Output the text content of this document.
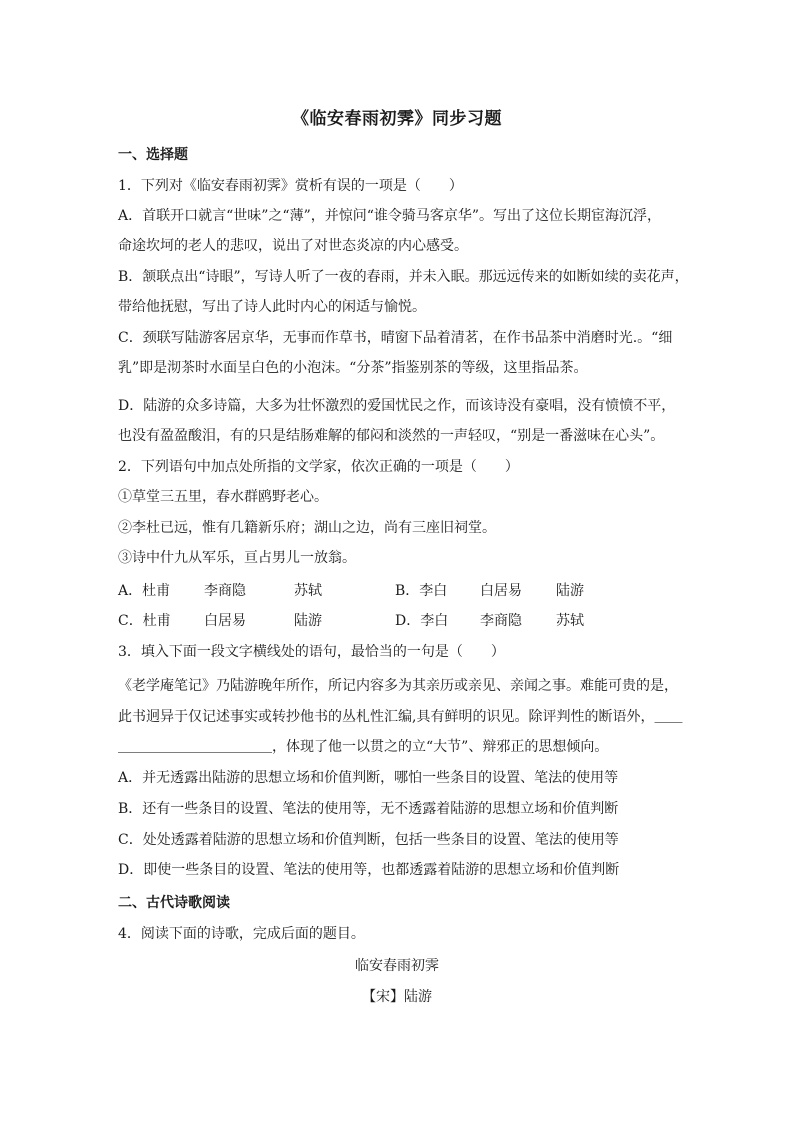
《临安春雨初霁》同步习题
一、选择题
1．下列对《临安春雨初霁》赏析有误的一项是（　　）
A．首联开口就言“世味”之“薄”，并惊问“谁令骑马客京华”。写出了这位长期宦海沉浮，
命途坎坷的老人的悲叹，说出了对世态炎凉的内心感受。
B．颔联点出“诗眼”，写诗人听了一夜的春雨，并未入眠。那远远传来的如断如续的卖花声，
带给他抚慰，写出了诗人此时内心的闲适与愉悦。
C．颈联写陆游客居京华，无事而作草书，晴窗下品着清茗，在作书品茶中消磨时光.。“细
乳”即是沏茶时水面呈白色的小泡沫。“分茶”指鉴别茶的等级，这里指品茶。
D．陆游的众多诗篇，大多为壮怀激烈的爱国忧民之作，而该诗没有豪唱，没有愤愤不平，
也没有盈盈酸泪，有的只是结肠难解的郁闷和淡然的一声轻叹，“别是一番滋味在心头”。
2．下列语句中加点处所指的文学家，依次正确的一项是（　　）
①草堂三五里，春水群鸥野老心。
②李杜已远，惟有几籍新乐府；湖山之边，尚有三座旧祠堂。
③诗中什九从军乐，亘占男儿一放翁。
A．杜甫 李商隐	苏轼	B．李白 白居易 陆游
C．杜甫 白居易	陆游	D．李白 李商隐 苏轼
3．填入下面一段文字横线处的语句，最恰当的一句是（　　）
《老学庵笔记》乃陆游晚年所作，所记内容多为其亲历或亲见、亲闻之事。难能可贵的是，
此书迥异于仅记述事实或转抄他书的丛札性汇编,具有鲜明的识见。除评判性的断语外，＿＿
＿＿＿＿＿＿＿＿＿＿＿，体现了他一以贯之的立“大节”、辩邪正的思想倾向。
A．并无透露出陆游的思想立场和价值判断，哪怕一些条目的设置、笔法的使用等
B．还有一些条目的设置、笔法的使用等，无不透露着陆游的思想立场和价值判断
C．处处透露着陆游的思想立场和价值判断，包括一些条目的设置、笔法的使用等
D．即使一些条目的设置、笔法的使用等，也都透露着陆游的思想立场和价值判断
二、古代诗歌阅读
4．阅读下面的诗歌，完成后面的题目。
临安春雨初霁
【宋】陆游
